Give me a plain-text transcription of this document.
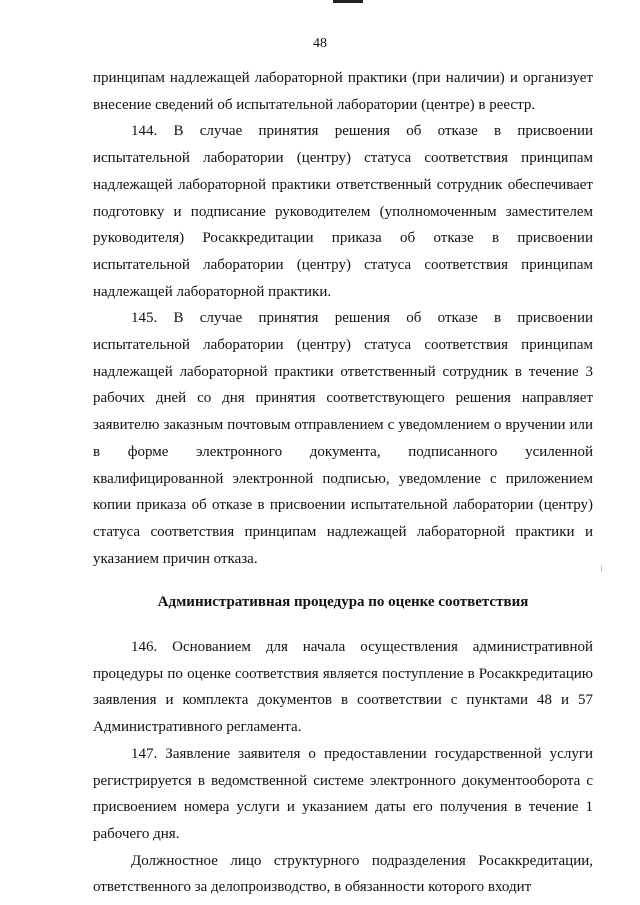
48

принципам надлежащей лабораторной практики (при наличии) и организует внесение сведений об испытательной лаборатории (центре) в реестр.

144. В случае принятия решения об отказе в присвоении испытательной лаборатории (центру) статуса соответствия принципам надлежащей лабораторной практики ответственный сотрудник обеспечивает подготовку и подписание руководителем (уполномоченным заместителем руководителя) Росаккредитации приказа об отказе в присвоении испытательной лаборатории (центру) статуса соответствия принципам надлежащей лабораторной практики.

145. В случае принятия решения об отказе в присвоении испытательной лаборатории (центру) статуса соответствия принципам надлежащей лабораторной практики ответственный сотрудник в течение 3 рабочих дней со дня принятия соответствующего решения направляет заявителю заказным почтовым отправлением с уведомлением о вручении или в форме электронного документа, подписанного усиленной квалифицированной электронной подписью, уведомление с приложением копии приказа об отказе в присвоении испытательной лаборатории (центру) статуса соответствия принципам надлежащей лабораторной практики и указанием причин отказа.

Административная процедура по оценке соответствия

146. Основанием для начала осуществления административной процедуры по оценке соответствия является поступление в Росаккредитацию заявления и комплекта документов в соответствии с пунктами 48 и 57 Административного регламента.

147. Заявление заявителя о предоставлении государственной услуги регистрируется в ведомственной системе электронного документооборота с присвоением номера услуги и указанием даты его получения в течение 1 рабочего дня.

Должностное лицо структурного подразделения Росаккредитации, ответственного за делопроизводство, в обязанности которого входит
